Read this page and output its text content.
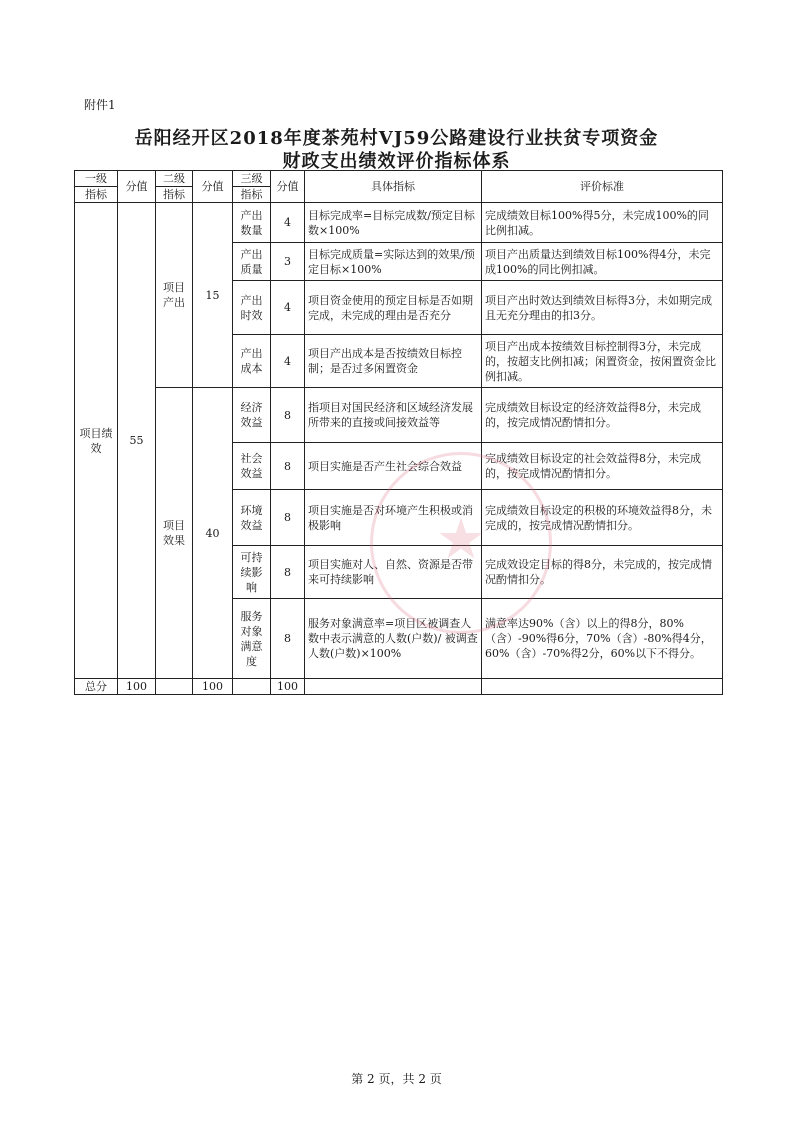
附件1
岳阳经开区2018年度茶苑村VJ59公路建设行业扶贫专项资金
财政支出绩效评价指标体系
一级	分值	二级	分值	三级	分值	具体指标	评价标准
指标		指标		指标			
项目绩效	55	项目产出	15	产出数量	4	目标完成率=目标完成数/预定目标数×100%	完成绩效目标100%得5分，未完成100%的同比例扣减。
				产出质量	3	目标完成质量=实际达到的效果/预定目标×100%	项目产出质量达到绩效目标100%得4分，未完成100%的同比例扣减。
				产出时效	4	项目资金使用的预定目标是否如期完成，未完成的理由是否充分	项目产出时效达到绩效目标得3分，未如期完成且无充分理由的扣3分。
				产出成本	4	项目产出成本是否按绩效目标控制；是否过多闲置资金	项目产出成本按绩效目标控制得3分，未完成的，按超支比例扣减；闲置资金，按闲置资金比例扣减。
		项目效果	40	经济效益	8	指项目对国民经济和区域经济发展所带来的直接或间接效益等	完成绩效目标设定的经济效益得8分，未完成的，按完成情况酌情扣分。
				社会效益	8	项目实施是否产生社会综合效益	完成绩效目标设定的社会效益得8分，未完成的，按完成情况酌情扣分。
				环境效益	8	项目实施是否对环境产生积极或消极影响	完成绩效目标设定的积极的环境效益得8分，未完成的，按完成情况酌情扣分。
				可持续影响	8	项目实施对人、自然、资源是否带来可持续影响	完成效设定目标的得8分，未完成的，按完成情况酌情扣分。
				服务对象满意度	8	服务对象满意率=项目区被调查人数中表示满意的人数(户数)/ 被调查人数(户数)×100%	满意率达90%（含）以上的得8分，80%（含）-90%得6分，70%（含）-80%得4分，60%（含）-70%得2分，60%以下不得分。
总分	100		100		100		
★
第 2 页，共 2 页
